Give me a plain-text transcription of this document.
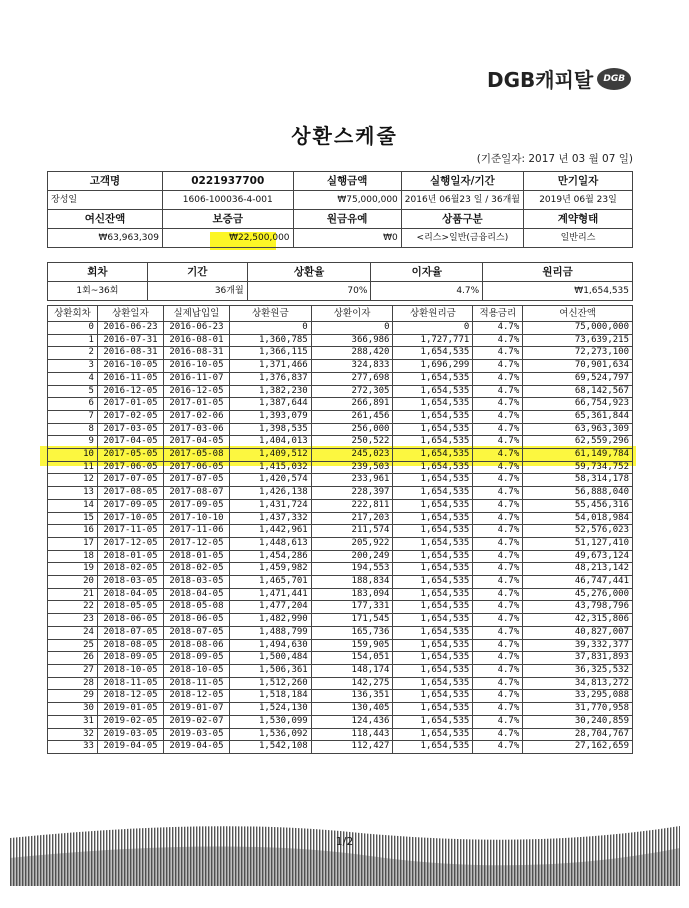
DGB캐피탈	DGB
상환스케줄
(기준일자: 2017 년 03 월 07 일)
고객명	0221937700	실행금액	실행일자/기간	만기일자
장성일	1606-100036-4-001	₩75,000,000	2016년 06월23 일 / 36개월	2019년 06월 23일
여신잔액	보증금	원금유예	상품구분	계약형태
₩63,963,309	₩22,500,000	₩0	<리스>일반(금융리스)	일반리스
회차	기간	상환율	이자율	원리금
1회~36회	36개월	70%	4.7%	₩1,654,535
상환회차	상환일자	실제납입일	상환원금	상환이자	상환원리금	적용금리	여신잔액
0	2016-06-23	2016-06-23	0	0	0	4.7%	75,000,000
1	2016-07-31	2016-08-01	1,360,785	366,986	1,727,771	4.7%	73,639,215
2	2016-08-31	2016-08-31	1,366,115	288,420	1,654,535	4.7%	72,273,100
3	2016-10-05	2016-10-05	1,371,466	324,833	1,696,299	4.7%	70,901,634
4	2016-11-05	2016-11-07	1,376,837	277,698	1,654,535	4.7%	69,524,797
5	2016-12-05	2016-12-05	1,382,230	272,305	1,654,535	4.7%	68,142,567
6	2017-01-05	2017-01-05	1,387,644	266,891	1,654,535	4.7%	66,754,923
7	2017-02-05	2017-02-06	1,393,079	261,456	1,654,535	4.7%	65,361,844
8	2017-03-05	2017-03-06	1,398,535	256,000	1,654,535	4.7%	63,963,309
9	2017-04-05	2017-04-05	1,404,013	250,522	1,654,535	4.7%	62,559,296
10	2017-05-05	2017-05-08	1,409,512	245,023	1,654,535	4.7%	61,149,784
11	2017-06-05	2017-06-05	1,415,032	239,503	1,654,535	4.7%	59,734,752
12	2017-07-05	2017-07-05	1,420,574	233,961	1,654,535	4.7%	58,314,178
13	2017-08-05	2017-08-07	1,426,138	228,397	1,654,535	4.7%	56,888,040
14	2017-09-05	2017-09-05	1,431,724	222,811	1,654,535	4.7%	55,456,316
15	2017-10-05	2017-10-10	1,437,332	217,203	1,654,535	4.7%	54,018,984
16	2017-11-05	2017-11-06	1,442,961	211,574	1,654,535	4.7%	52,576,023
17	2017-12-05	2017-12-05	1,448,613	205,922	1,654,535	4.7%	51,127,410
18	2018-01-05	2018-01-05	1,454,286	200,249	1,654,535	4.7%	49,673,124
19	2018-02-05	2018-02-05	1,459,982	194,553	1,654,535	4.7%	48,213,142
20	2018-03-05	2018-03-05	1,465,701	188,834	1,654,535	4.7%	46,747,441
21	2018-04-05	2018-04-05	1,471,441	183,094	1,654,535	4.7%	45,276,000
22	2018-05-05	2018-05-08	1,477,204	177,331	1,654,535	4.7%	43,798,796
23	2018-06-05	2018-06-05	1,482,990	171,545	1,654,535	4.7%	42,315,806
24	2018-07-05	2018-07-05	1,488,799	165,736	1,654,535	4.7%	40,827,007
25	2018-08-05	2018-08-06	1,494,630	159,905	1,654,535	4.7%	39,332,377
26	2018-09-05	2018-09-05	1,500,484	154,051	1,654,535	4.7%	37,831,893
27	2018-10-05	2018-10-05	1,506,361	148,174	1,654,535	4.7%	36,325,532
28	2018-11-05	2018-11-05	1,512,260	142,275	1,654,535	4.7%	34,813,272
29	2018-12-05	2018-12-05	1,518,184	136,351	1,654,535	4.7%	33,295,088
30	2019-01-05	2019-01-07	1,524,130	130,405	1,654,535	4.7%	31,770,958
31	2019-02-05	2019-02-07	1,530,099	124,436	1,654,535	4.7%	30,240,859
32	2019-03-05	2019-03-05	1,536,092	118,443	1,654,535	4.7%	28,704,767
33	2019-04-05	2019-04-05	1,542,108	112,427	1,654,535	4.7%	27,162,659
1/2
